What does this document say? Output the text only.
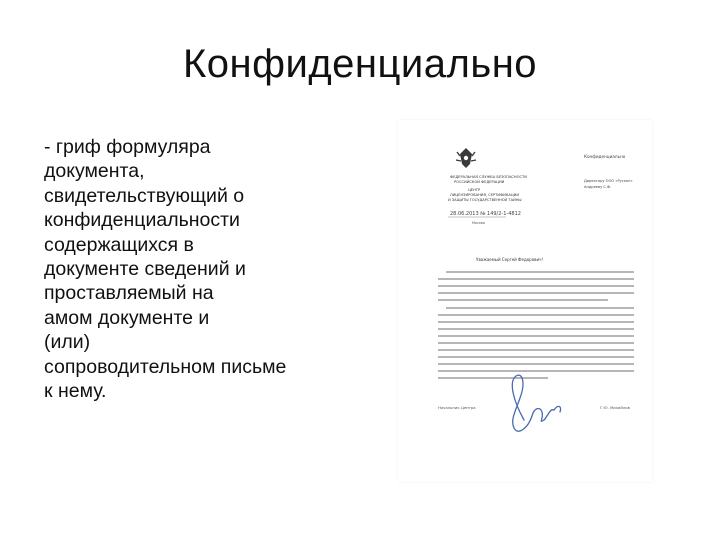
Конфиденциально
- гриф формуляра
документа,
свидетельствующий о
конфиденциальности
содержащихся в
документе сведений и
проставляемый на
амом документе и
(или)
сопроводительном письме
к нему.
ФЕДЕРАЛЬНАЯ СЛУЖБА БЕЗОПАСНОСТИ
РОССИЙСКОЙ ФЕДЕРАЦИИ
ЦЕНТР
ЛИЦЕНЗИРОВАНИЯ, СЕРТИФИКАЦИИ
И ЗАЩИТЫ ГОСУДАРСТВЕННОЙ ТАЙНЫ
28.06.2013 № 149/2-1-4812
Москва
Конфиденциально
Директору ООО «Рускон»
Андрееву С.Ф.
Уважаемый Сергей Федорович!
Начальник Центра	Г.Ю. Михайлов
